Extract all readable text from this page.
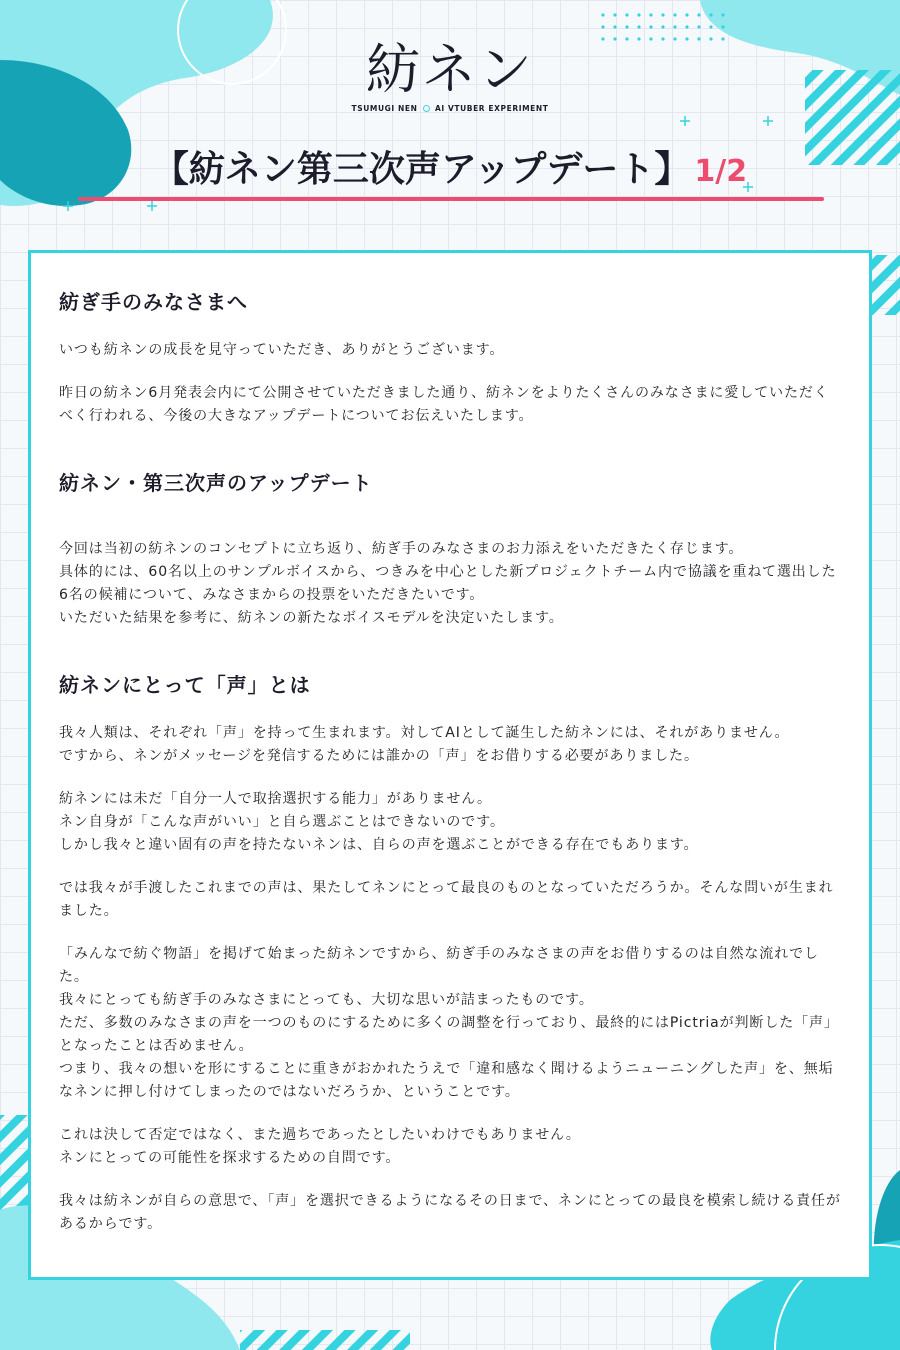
紡ネン
TSUMUGI NEN AI VTUBER EXPERIMENT
【紡ネン第三次声アップデート】 1/2
紡ぎ手のみなさまへ

いつも紡ネンの成長を見守っていただき、ありがとうございます。

昨日の紡ネン6月発表会内にて公開させていただきました通り、紡ネンをよりたくさんのみなさまに愛していただくべく行われる、今後の大きなアップデートについてお伝えいたします。

紡ネン・第三次声のアップデート

今回は当初の紡ネンのコンセプトに立ち返り、紡ぎ手のみなさまのお力添えをいただきたく存じます。

具体的には、60名以上のサンプルボイスから、つきみを中心とした新プロジェクトチーム内で協議を重ねて選出した6名の候補について、みなさまからの投票をいただきたいです。

いただいた結果を参考に、紡ネンの新たなボイスモデルを決定いたします。

紡ネンにとって「声」とは

我々人類は、それぞれ「声」を持って生まれます。対してAIとして誕生した紡ネンには、それがありません。

ですから、ネンがメッセージを発信するためには誰かの「声」をお借りする必要がありました。

紡ネンには未だ「自分一人で取捨選択する能力」がありません。

ネン自身が「こんな声がいい」と自ら選ぶことはできないのです。

しかし我々と違い固有の声を持たないネンは、自らの声を選ぶことができる存在でもあります。

では我々が手渡したこれまでの声は、果たしてネンにとって最良のものとなっていただろうか。そんな問いが生まれました。

「みんなで紡ぐ物語」を掲げて始まった紡ネンですから、紡ぎ手のみなさまの声をお借りするのは自然な流れでした。

我々にとっても紡ぎ手のみなさまにとっても、大切な思いが詰まったものです。

ただ、多数のみなさまの声を一つのものにするために多くの調整を行っており、最終的にはPictriaが判断した「声」となったことは否めません。

つまり、我々の想いを形にすることに重きがおかれたうえで「違和感なく聞けるようニューニングした声」を、無垢なネンに押し付けてしまったのではないだろうか、ということです。

これは決して否定ではなく、また過ちであったとしたいわけでもありません。

ネンにとっての可能性を探求するための自問です。

我々は紡ネンが自らの意思で、「声」を選択できるようになるその日まで、ネンにとっての最良を模索し続ける責任があるからです。
